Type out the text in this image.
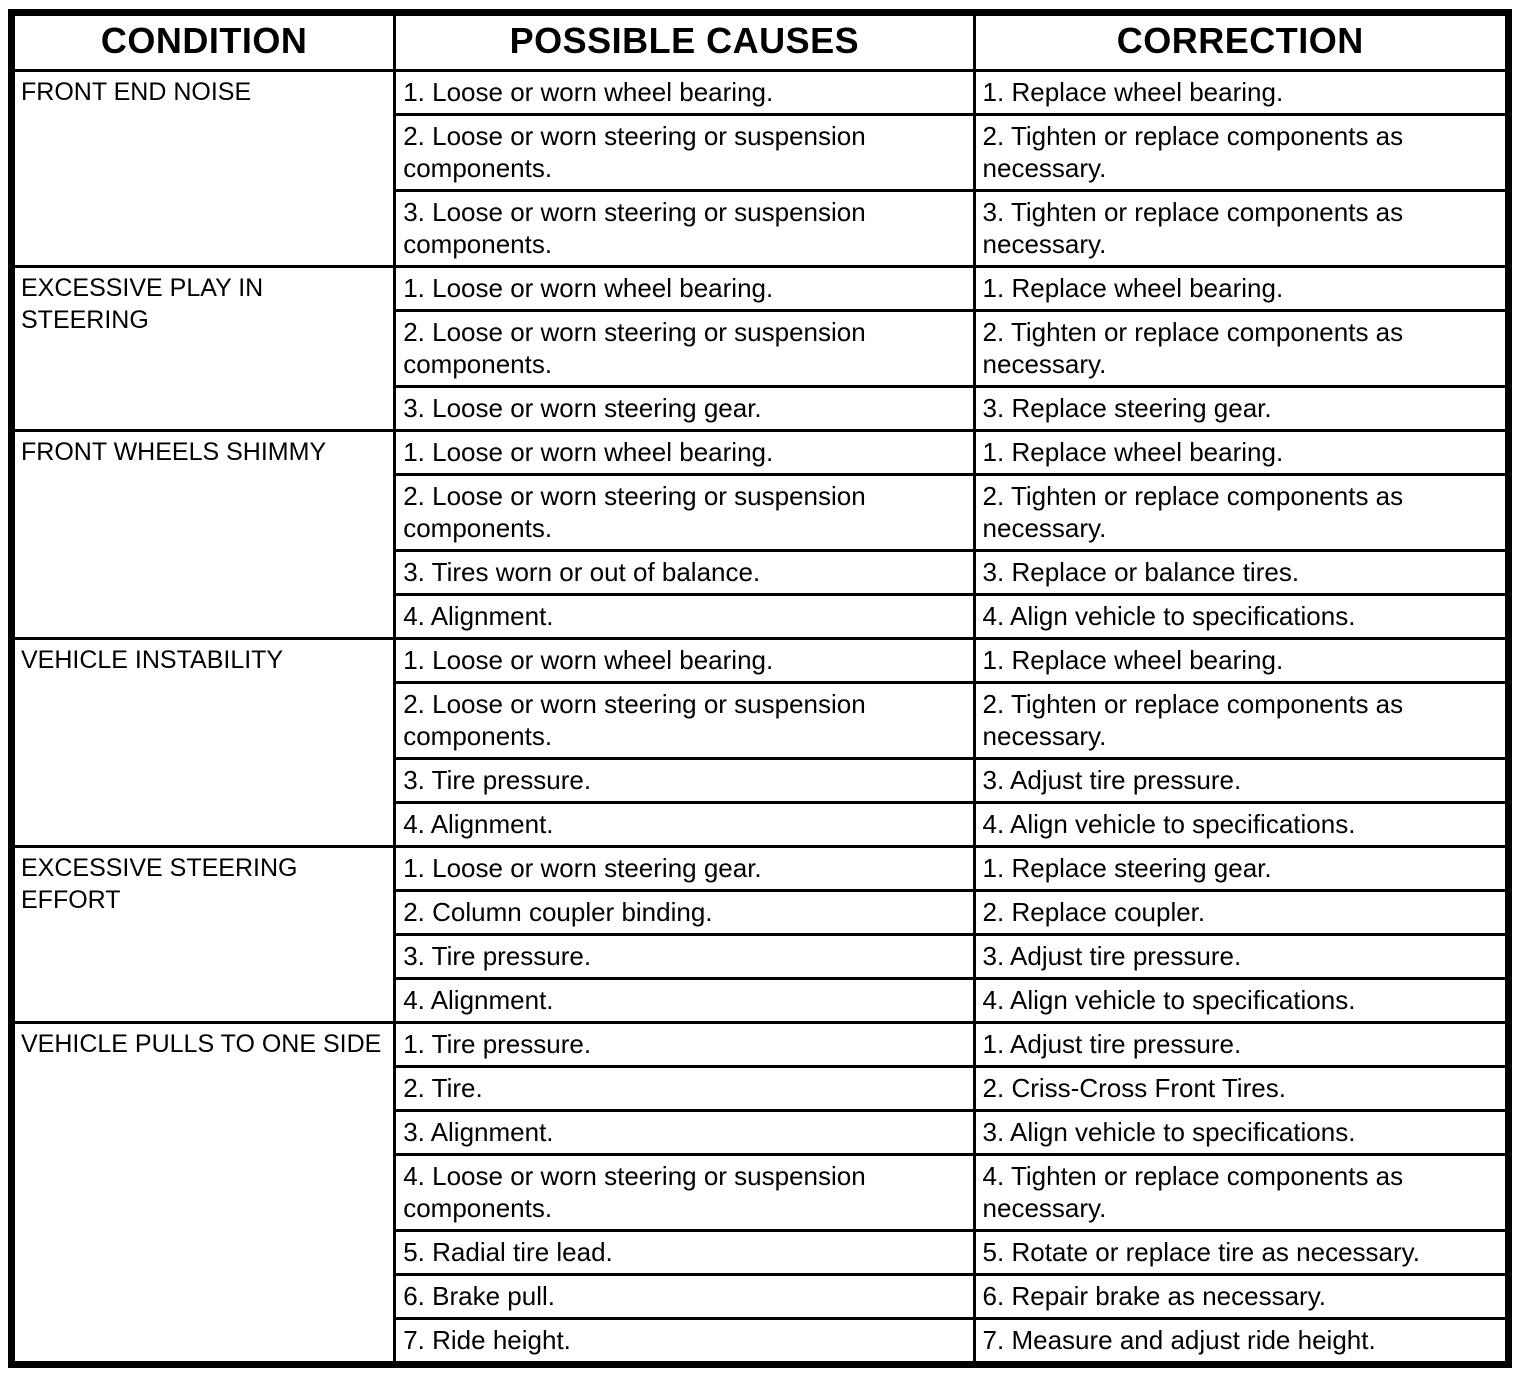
CONDITION	POSSIBLE CAUSES	CORRECTION
FRONT END NOISE	1. Loose or worn wheel bearing.	1. Replace wheel bearing.
	2. Loose or worn steering or suspension components.	2. Tighten or replace components as necessary.
	3. Loose or worn steering or suspension components.	3. Tighten or replace components as necessary.
EXCESSIVE PLAY IN STEERING	1. Loose or worn wheel bearing.	1. Replace wheel bearing.
	2. Loose or worn steering or suspension components.	2. Tighten or replace components as necessary.
	3. Loose or worn steering gear.	3. Replace steering gear.
FRONT WHEELS SHIMMY	1. Loose or worn wheel bearing.	1. Replace wheel bearing.
	2. Loose or worn steering or suspension components.	2. Tighten or replace components as necessary.
	3. Tires worn or out of balance.	3. Replace or balance tires.
	4. Alignment.	4. Align vehicle to specifications.
VEHICLE INSTABILITY	1. Loose or worn wheel bearing.	1. Replace wheel bearing.
	2. Loose or worn steering or suspension components.	2. Tighten or replace components as necessary.
	3. Tire pressure.	3. Adjust tire pressure.
	4. Alignment.	4. Align vehicle to specifications.
EXCESSIVE STEERING EFFORT	1. Loose or worn steering gear.	1. Replace steering gear.
	2. Column coupler binding.	2. Replace coupler.
	3. Tire pressure.	3. Adjust tire pressure.
	4. Alignment.	4. Align vehicle to specifications.
VEHICLE PULLS TO ONE SIDE	1. Tire pressure.	1. Adjust tire pressure.
	2. Tire.	2. Criss-Cross Front Tires.
	3. Alignment.	3. Align vehicle to specifications.
	4. Loose or worn steering or suspension components.	4. Tighten or replace components as necessary.
	5. Radial tire lead.	5. Rotate or replace tire as necessary.
	6. Brake pull.	6. Repair brake as necessary.
	7. Ride height.	7. Measure and adjust ride height.
